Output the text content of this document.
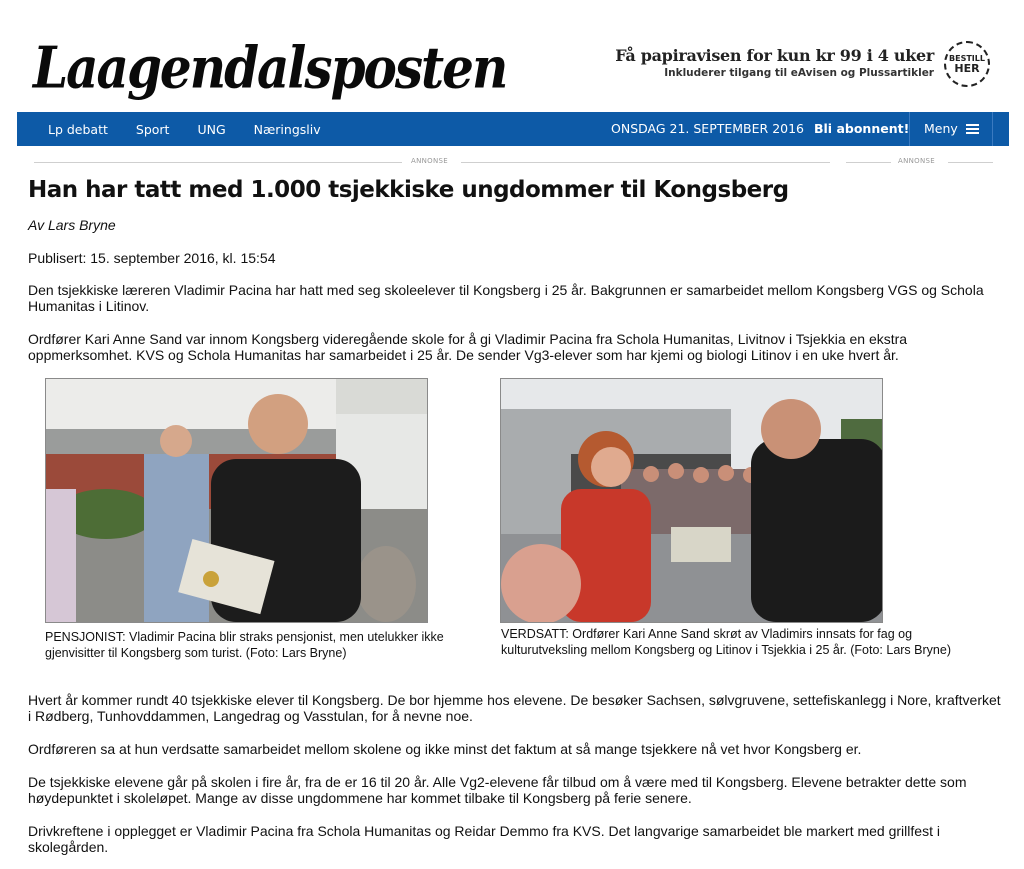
Laagendalsposten	Få papiravisen for kun kr 99 i 4 uker
Inkluderer tilgang til eAvisen og Plussartikler
BESTILL
HER
Lp debatt Sport UNG Næringsliv	ONSDAG 21. SEPTEMBER 2016 Bli abonnent! Meny
ANNONSE	ANNONSE
Han har tatt med 1.000 tsjekkiske ungdommer til Kongsberg
Av Lars Bryne
Publisert: 15. september 2016, kl. 15:54

Den tsjekkiske læreren Vladimir Pacina har hatt med seg skoleelever til Kongsberg i 25 år. Bakgrunnen er samarbeidet mellom Kongsberg VGS og Schola Humanitas i Litinov.

Ordfører Kari Anne Sand var innom Kongsberg videregående skole for å gi Vladimir Pacina fra Schola Humanitas, Livitnov i Tsjekkia en ekstra oppmerksomhet. KVS og Schola Humanitas har samarbeidet i 25 år. De sender Vg3-elever som har kjemi og biologi Litinov i en uke hvert år.

PENSJONIST: Vladimir Pacina blir straks pensjonist, men utelukker ikke gjenvisitter til Kongsberg som turist. (Foto: Lars Bryne)
VERDSATT: Ordfører Kari Anne Sand skrøt av Vladimirs innsats for fag og kulturutveksling mellom Kongsberg og Litinov i Tsjekkia i 25 år. (Foto: Lars Bryne)

Hvert år kommer rundt 40 tsjekkiske elever til Kongsberg. De bor hjemme hos elevene. De besøker Sachsen, sølvgruvene, settefiskanlegg i Nore, kraftverket i Rødberg, Tunhovddammen, Langedrag og Vasstulan, for å nevne noe.

Ordføreren sa at hun verdsatte samarbeidet mellom skolene og ikke minst det faktum at så mange tsjekkere nå vet hvor Kongsberg er.

De tsjekkiske elevene går på skolen i fire år, fra de er 16 til 20 år. Alle Vg2-elevene får tilbud om å være med til Kongsberg. Elevene betrakter dette som høydepunktet i skoleløpet. Mange av disse ungdommene har kommet tilbake til Kongsberg på ferie senere.

Drivkreftene i opplegget er Vladimir Pacina fra Schola Humanitas og Reidar Demmo fra KVS. Det langvarige samarbeidet ble markert med grillfest i skolegården.
